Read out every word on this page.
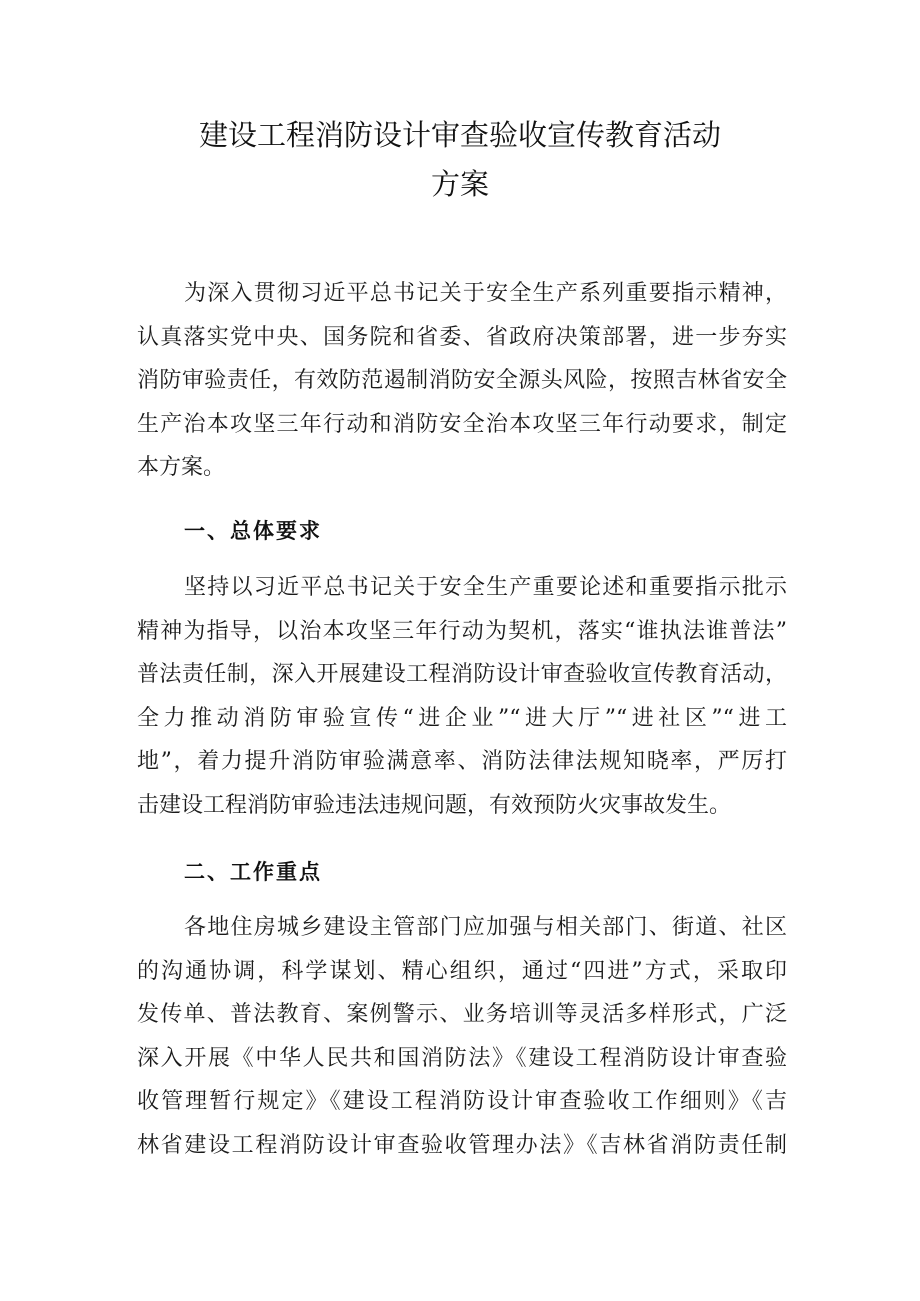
建设工程消防设计审查验收宣传教育活动
方案
为深入贯彻习近平总书记关于安全生产系列重要指示精神，
认真落实党中央、国务院和省委、省政府决策部署，进一步夯实
消防审验责任，有效防范遏制消防安全源头风险，按照吉林省安全
生产治本攻坚三年行动和消防安全治本攻坚三年行动要求，制定
本方案。
一、总体要求
坚持以习近平总书记关于安全生产重要论述和重要指示批示
精神为指导，以治本攻坚三年行动为契机，落实“谁执法谁普法”
普法责任制，深入开展建设工程消防设计审查验收宣传教育活动，
全力推动消防审验宣传“进企业”“进大厅”“进社区”“进工
地”，着力提升消防审验满意率、消防法律法规知晓率，严厉打
击建设工程消防审验违法违规问题，有效预防火灾事故发生。
二、工作重点
各地住房城乡建设主管部门应加强与相关部门、街道、社区
的沟通协调，科学谋划、精心组织，通过“四进”方式，采取印
发传单、普法教育、案例警示、业务培训等灵活多样形式，广泛
深入开展《中华人民共和国消防法》《建设工程消防设计审查验
收管理暂行规定》《建设工程消防设计审查验收工作细则》《吉
林省建设工程消防设计审查验收管理办法》《吉林省消防责任制
